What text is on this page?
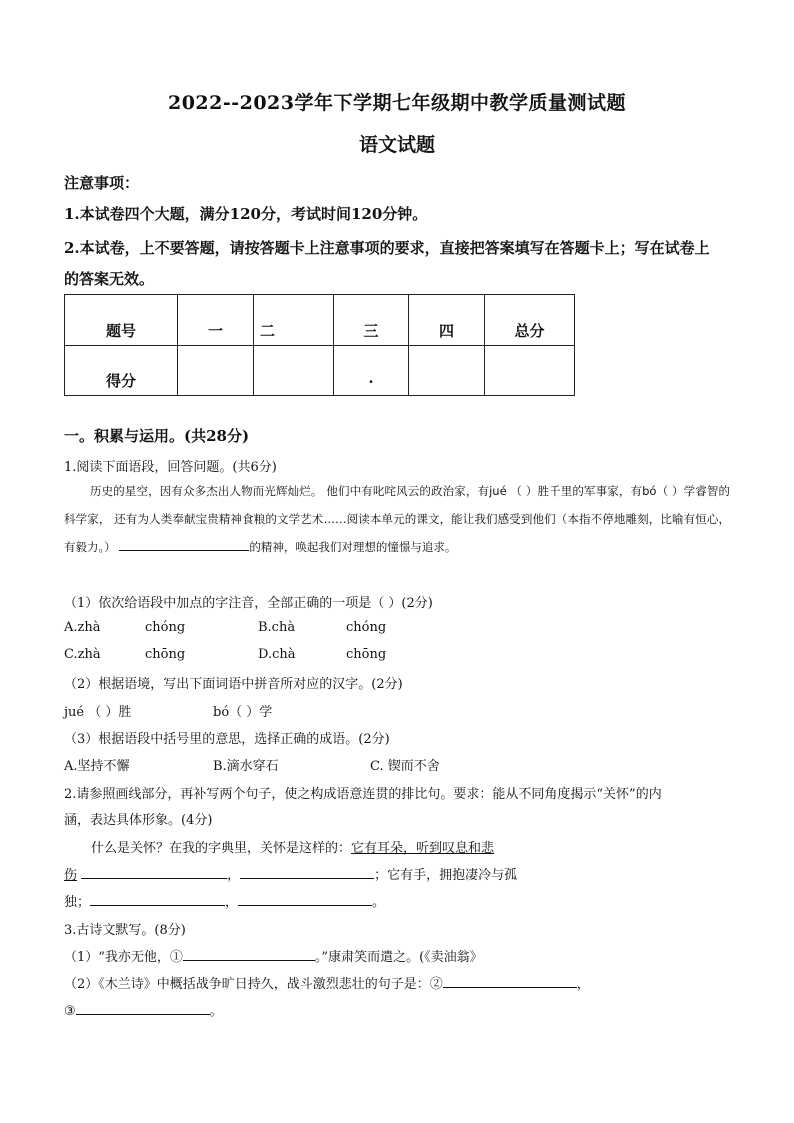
2022--2023学年下学期七年级期中教学质量测试题
语文试题
注意事项：
1.本试卷四个大题，满分120分，考试时间120分钟。
2.本试卷，上不要答题，请按答题卡上注意事项的要求，直接把答案填写在答题卡上；写在试卷上的答案无效。
题号	一	二	三	四	总分
得分			·		
一。积累与运用。(共28分)
1.阅读下面语段，回答问题。(共6分)
历史的星空，因有众多杰出人物而光辉灿烂。 他们中有叱咤风云的政治家，有jué （ ）胜千里的军事家，有bó（ ）学睿智的科学家， 还有为人类奉献宝贵精神食粮的文学艺术……阅读本单元的课文，能让我们感受到他们（本指不停地雕刻，比喻有恒心，有毅力。）	的精神，唤起我们对理想的憧憬与追求。
（1）依次给语段中加点的字注音，全部正确的一项是（ ）(2分)
A.zhà	chóng	B.chà	chóng
C.zhà	chōng	D.chà	chōng
（2）根据语境，写出下面词语中拼音所对应的汉字。(2分)
jué （ ）胜	bó（ ）学
（3）根据语段中括号里的意思，选择正确的成语。(2分)
A.坚持不懈	B.滴水穿石	C. 锲而不舍
2.请参照画线部分，再补写两个句子，使之构成语意连贯的排比句。要求：能从不同角度揭示“关怀”的内
涵，表达具体形象。(4分)
什么是关怀？在我的字典里，关怀是这样的：它有耳朵，听到叹息和悲
伤	，	；它有手，拥抱凄冷与孤
独；	，	。
3.古诗文默写。(8分)
（1）“我亦无他，①	。”康肃笑而遣之。(《卖油翁》
（2）《木兰诗》中概括战争旷日持久，战斗激烈悲壮的句子是：②	，
③	。
